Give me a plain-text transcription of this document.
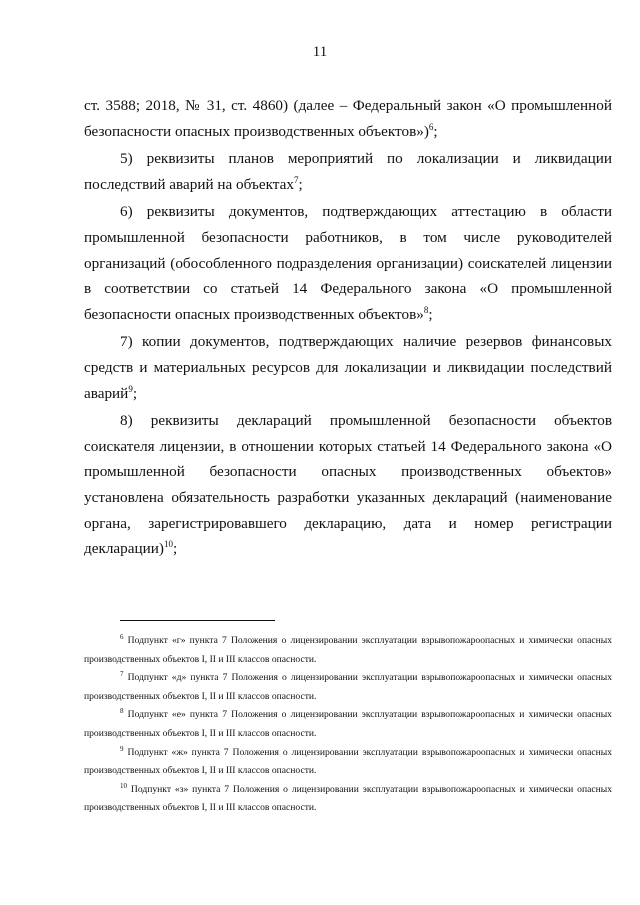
11

ст. 3588; 2018, № 31, ст. 4860) (далее – Федеральный закон «О промышленной безопасности опасных производственных объектов»)$^6$;

5) реквизиты планов мероприятий по локализации и ликвидации последствий аварий на объектах$^7$;

6) реквизиты документов, подтверждающих аттестацию в области промышленной безопасности работников, в том числе руководителей организаций (обособленного подразделения организации) соискателей лицензии в соответствии со статьей 14 Федерального закона «О промышленной безопасности опасных производственных объектов»$^8$;

7) копии документов, подтверждающих наличие резервов финансовых средств и материальных ресурсов для локализации и ликвидации последствий аварий$^9$;

8) реквизиты деклараций промышленной безопасности объектов соискателя лицензии, в отношении которых статьей 14 Федерального закона «О промышленной безопасности опасных производственных объектов» установлена обязательность разработки указанных деклараций (наименование органа, зарегистрировавшего декларацию, дата и номер регистрации декларации)$^{10}$;

$^6$ Подпункт «г» пункта 7 Положения о лицензировании эксплуатации взрывопожароопасных и химически опасных производственных объектов I, II и III классов опасности.

$^7$ Подпункт «д» пункта 7 Положения о лицензировании эксплуатации взрывопожароопасных и химически опасных производственных объектов I, II и III классов опасности.

$^8$ Подпункт «е» пункта 7 Положения о лицензировании эксплуатации взрывопожароопасных и химически опасных производственных объектов I, II и III классов опасности.

$^9$ Подпункт «ж» пункта 7 Положения о лицензировании эксплуатации взрывопожароопасных и химически опасных производственных объектов I, II и III классов опасности.

$^{10}$ Подпункт «з» пункта 7 Положения о лицензировании эксплуатации взрывопожароопасных и химически опасных производственных объектов I, II и III классов опасности.
